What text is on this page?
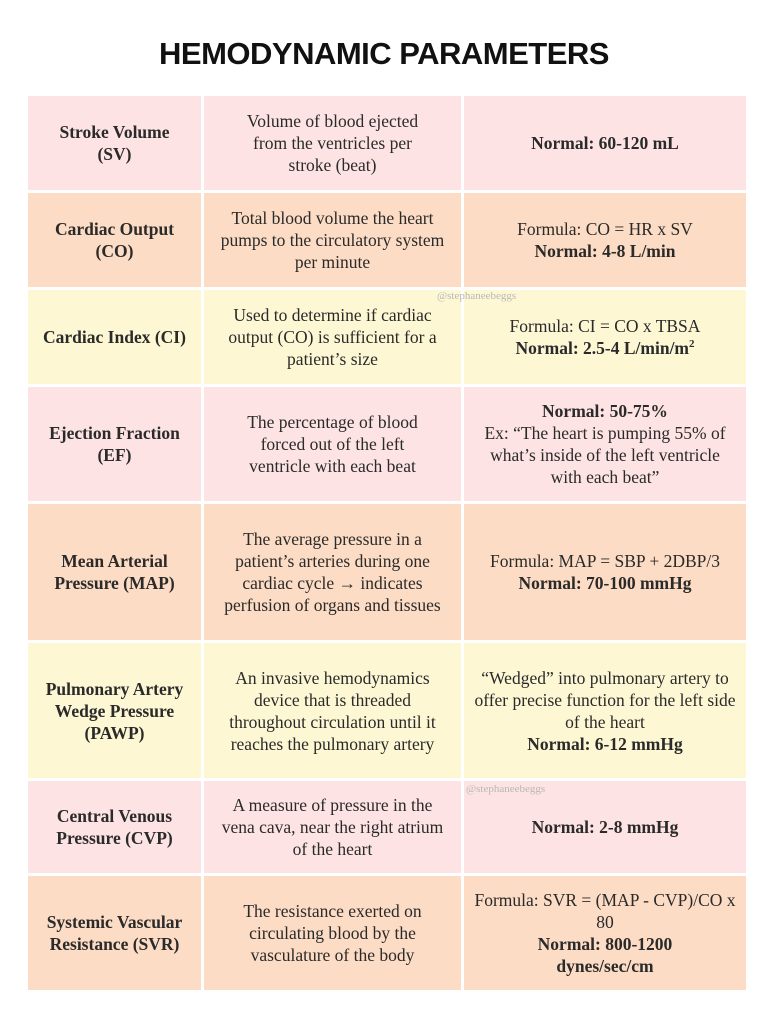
HEMODYNAMIC PARAMETERS
Stroke Volume (SV)
Volume of blood ejected from the ventricles per stroke (beat)
Normal: 60-120 mL
Cardiac Output (CO)
Total blood volume the heart pumps to the circulatory system per minute
Formula: CO = HR x SV
Normal: 4-8 L/min
Cardiac Index (CI)
Used to determine if cardiac output (CO) is sufficient for a patient’s size
Formula: CI = CO x TBSA
Normal: 2.5-4 $L/\min/m^2$
Ejection Fraction (EF)
The percentage of blood forced out of the left ventricle with each beat
Normal: 50-75%
Ex: “The heart is pumping 55% of what’s inside of the left ventricle with each beat”
Mean Arterial Pressure (MAP)
The average pressure in a patient’s arteries during one cardiac cycle → indicates perfusion of organs and tissues
Formula: MAP = SBP + 2DBP/3
Normal: 70-100 mmHg
Pulmonary Artery Wedge Pressure (PAWP)
An invasive hemodynamics device that is threaded throughout circulation until it reaches the pulmonary artery
“Wedged” into pulmonary artery to offer precise function for the left side of the heart
Normal: 6-12 mmHg
Central Venous Pressure (CVP)
A measure of pressure in the vena cava, near the right atrium of the heart
Normal: 2-8 mmHg
Systemic Vascular Resistance (SVR)
The resistance exerted on circulating blood by the vasculature of the body
Formula: SVR = (MAP - CVP)/CO x 80
Normal: 800-1200 dynes/sec/cm
@stephaneebeggs
@stephaneebeggs
